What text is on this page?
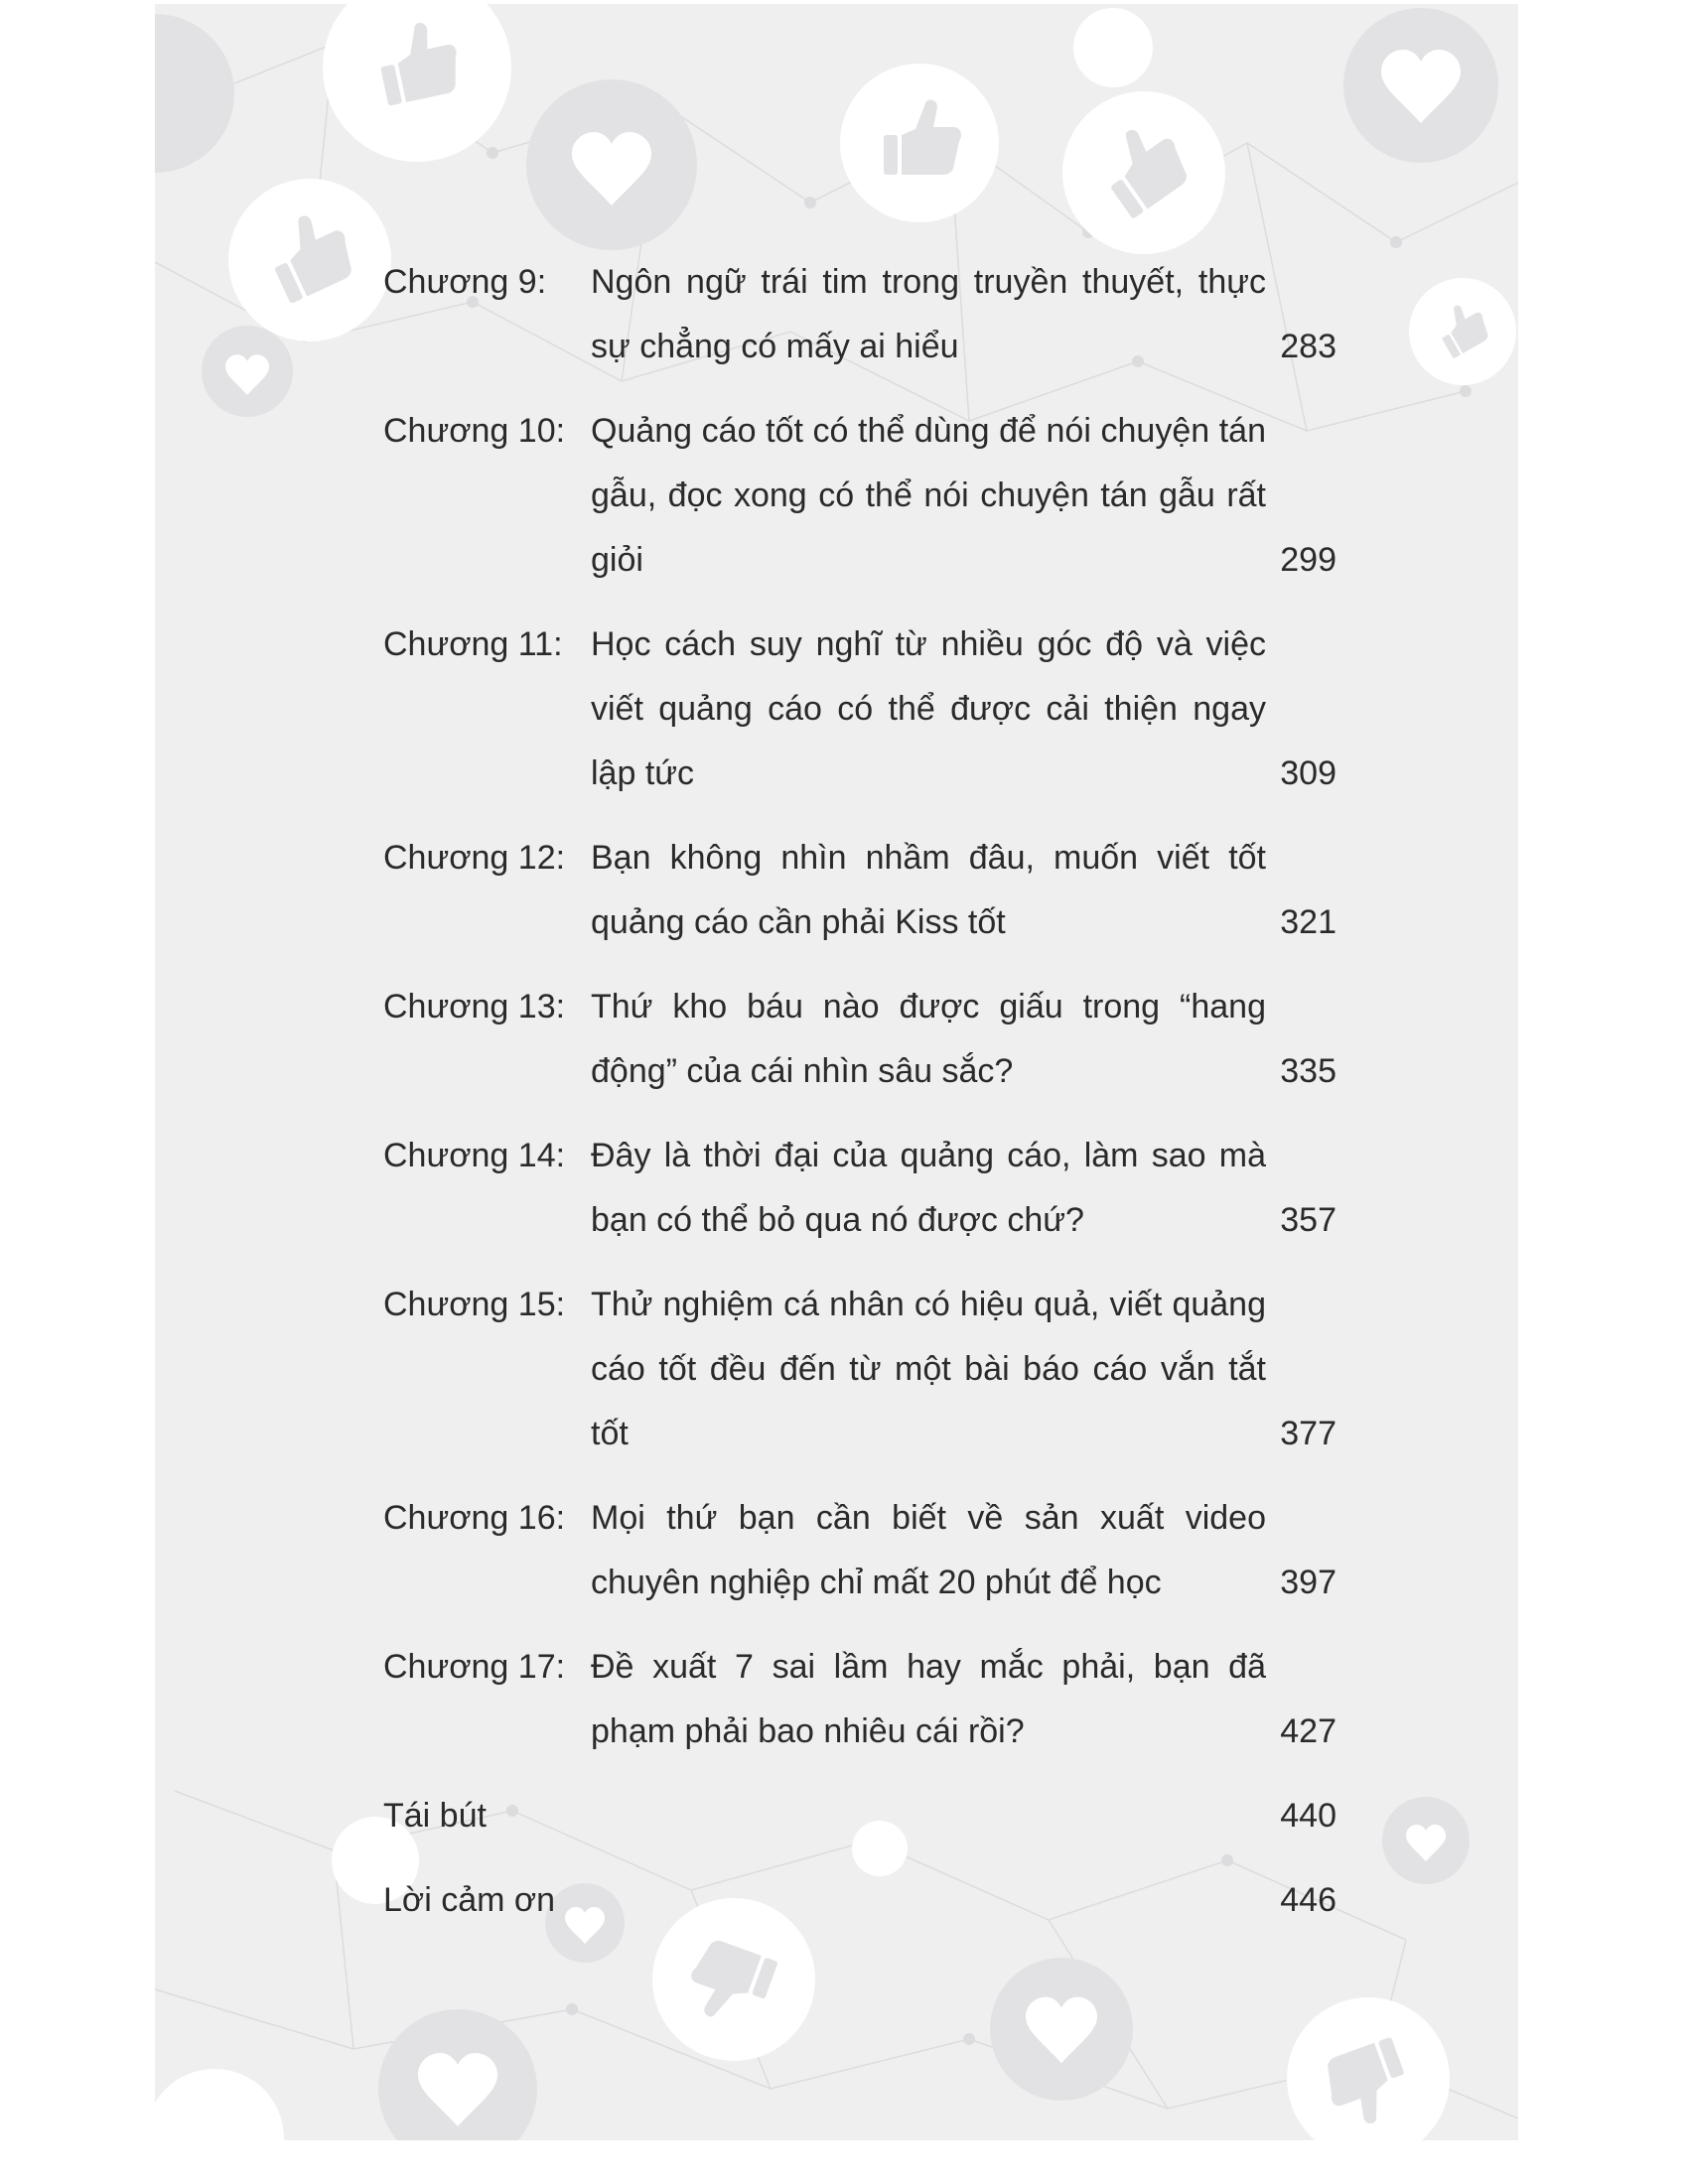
Chương 9: Ngôn ngữ trái tim trong truyền thuyết, thực sự chẳng có mấy ai hiểu	283
Chương 10: Quảng cáo tốt có thể dùng để nói chuyện tán gẫu, đọc xong có thể nói chuyện tán gẫu rất giỏi	299
Chương 11: Học cách suy nghĩ từ nhiều góc độ và việc viết quảng cáo có thể được cải thiện ngay lập tức	309
Chương 12: Bạn không nhìn nhầm đâu, muốn viết tốt quảng cáo cần phải Kiss tốt	321
Chương 13: Thứ kho báu nào được giấu trong “hang động” của cái nhìn sâu sắc?	335
Chương 14: Đây là thời đại của quảng cáo, làm sao mà bạn có thể bỏ qua nó được chứ?	357
Chương 15: Thử nghiệm cá nhân có hiệu quả, viết quảng cáo tốt đều đến từ một bài báo cáo vắn tắt tốt	377
Chương 16: Mọi thứ bạn cần biết về sản xuất video chuyên nghiệp chỉ mất 20 phút để học	397
Chương 17: Đề xuất 7 sai lầm hay mắc phải, bạn đã phạm phải bao nhiêu cái rồi?	427
Tái bút	440
Lời cảm ơn	446
